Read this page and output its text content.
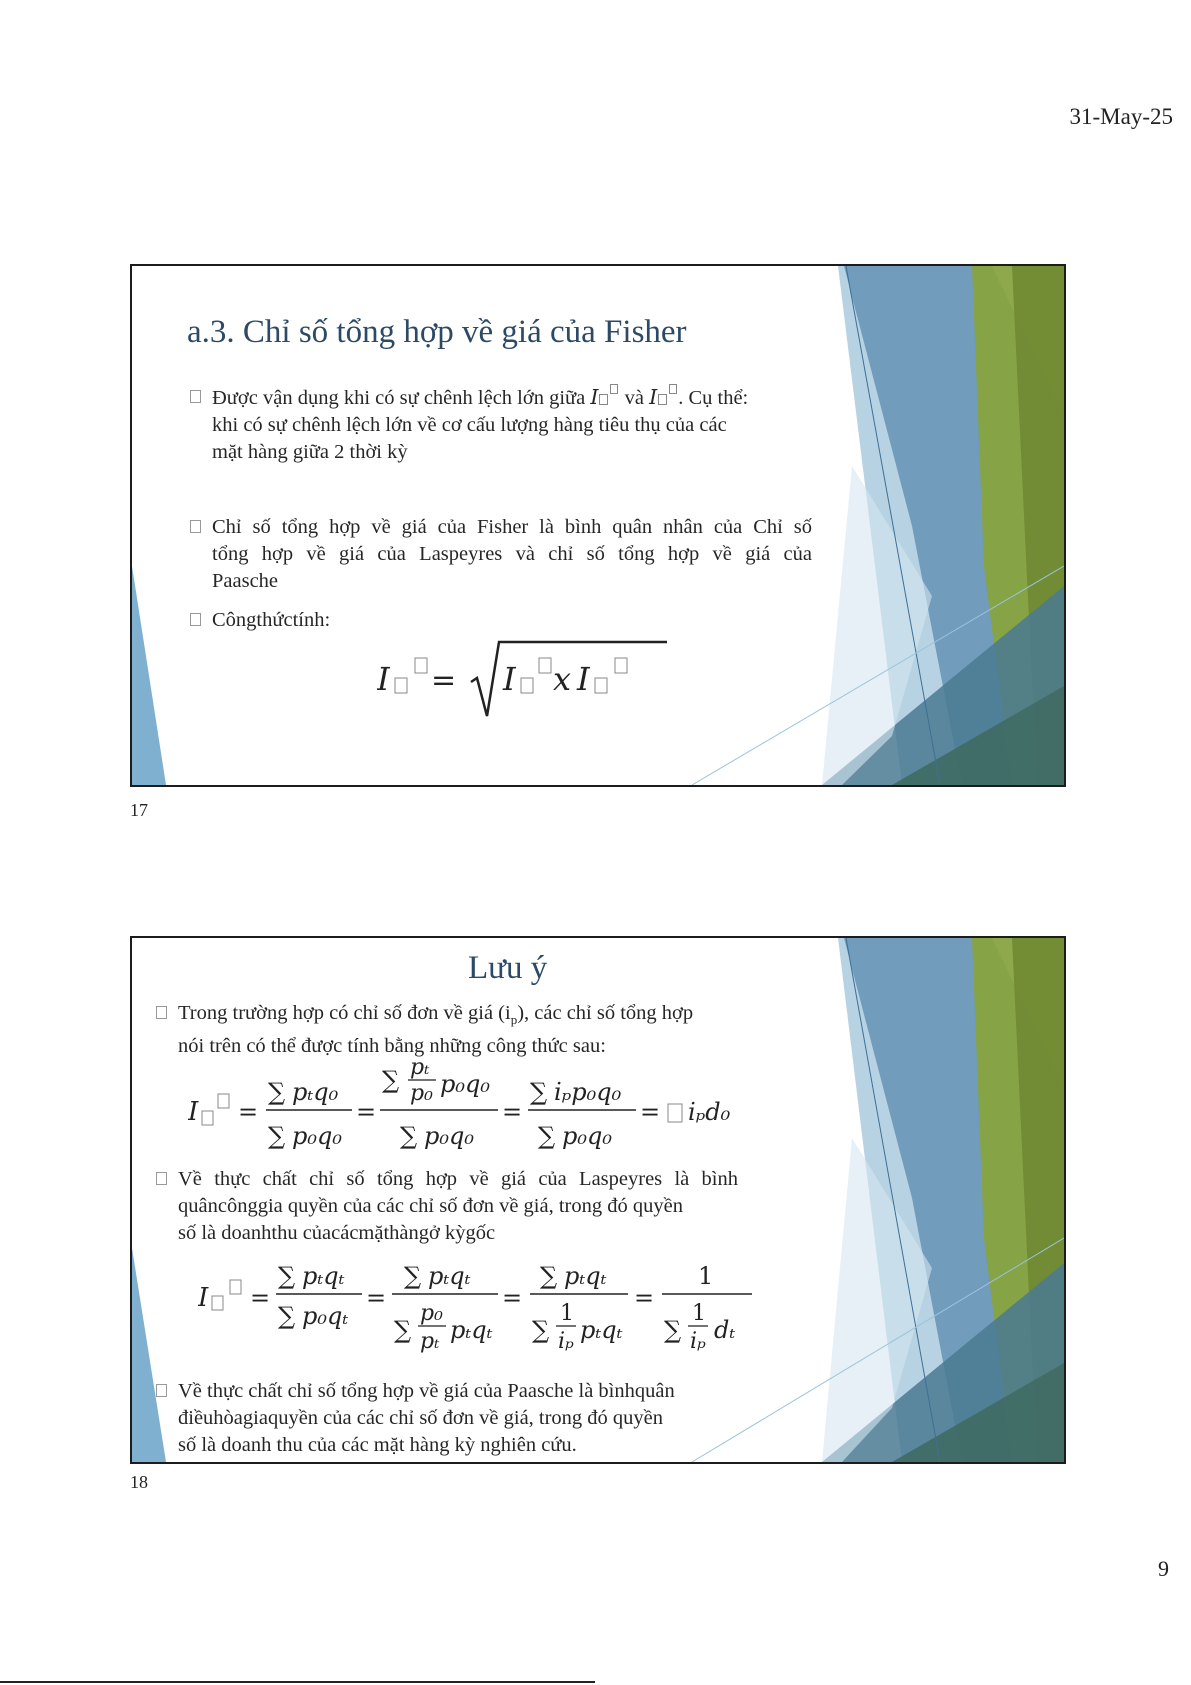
31-May-25
a.3. Chỉ số tổng hợp về giá của Fisher
Được vận dụng khi có sự chênh lệch lớn giữa I và I . Cụ thể:
khi có sự chênh lệch lớn về cơ cấu lượng hàng tiêu thụ của các
mặt hàng giữa 2 thời kỳ
Chỉ số tổng hợp về giá của Fisher là bình quân nhân của Chỉ số
tổng hợp về giá của Laspeyres và chỉ số tổng hợp về giá của
Paasche
Côngthứctính:
I = I x I
17
Lưu ý
Trong trường hợp có chỉ số đơn về giá $(i_p)$, các chỉ số tổng hợp
nói trên có thể được tính bằng những công thức sau:
I =
∑ pₜq₀
∑ p₀q₀
=
∑ pₜ
p₀ p₀q₀
∑ p₀q₀
=
∑ iₚp₀q₀
∑ p₀q₀
= iₚd₀
Về thực chất chỉ số tổng hợp về giá của Laspeyres là bình
quâncônggia quyền của các chỉ số đơn về giá, trong đó quyền
số là doanhthu củacácmặthàngở kỳgốc
I =
∑ pₜqₜ
∑ p₀qₜ
=
∑ pₜqₜ
∑
p₀
pₜ pₜqₜ
=
∑ pₜqₜ
∑
1
iₚ pₜqₜ
=
1
∑
1
iₚ dₜ
Về thực chất chỉ số tổng hợp về giá của Paasche là bìnhquân
điềuhòagiaquyền của các chỉ số đơn về giá, trong đó quyền
số là doanh thu của các mặt hàng kỳ nghiên cứu.
18
9
